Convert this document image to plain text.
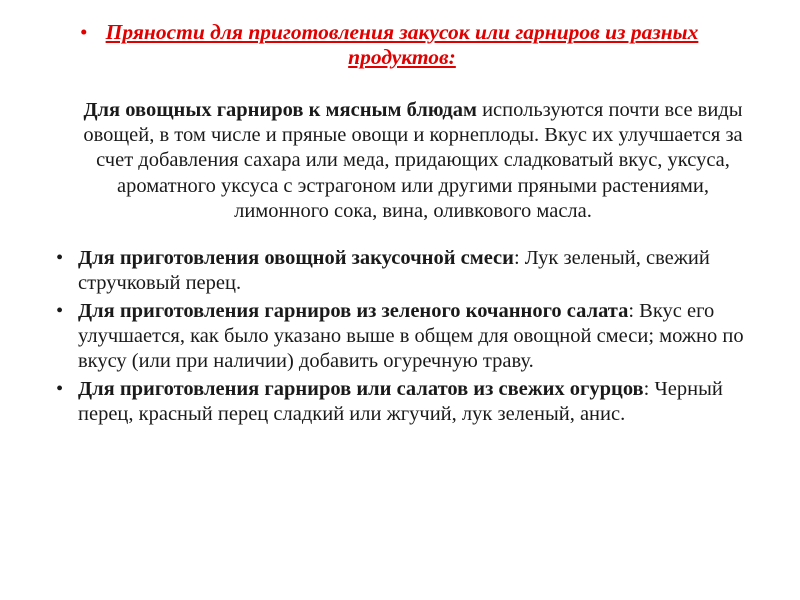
• Пряности для приготовления закусок или гарниров из разных продуктов:
Для овощных гарниров к мясным блюдам используются почти все виды овощей, в том числе и пряные овощи и корнеплоды. Вкус их улучшается за счет добавления сахара или меда, придающих сладковатый вкус, уксуса, ароматного уксуса с эстрагоном или другими пряными растениями, лимонного сока, вина, оливкового масла.
• Для приготовления овощной закусочной смеси: Лук зеленый, свежий стручковый перец.
• Для приготовления гарниров из зеленого кочанного салата: Вкус его улучшается, как было указано выше в общем для овощной смеси; можно по вкусу (или при наличии) добавить огуречную траву.
• Для приготовления гарниров или салатов из свежих огурцов: Черный перец, красный перец сладкий или жгучий, лук зеленый, анис.
